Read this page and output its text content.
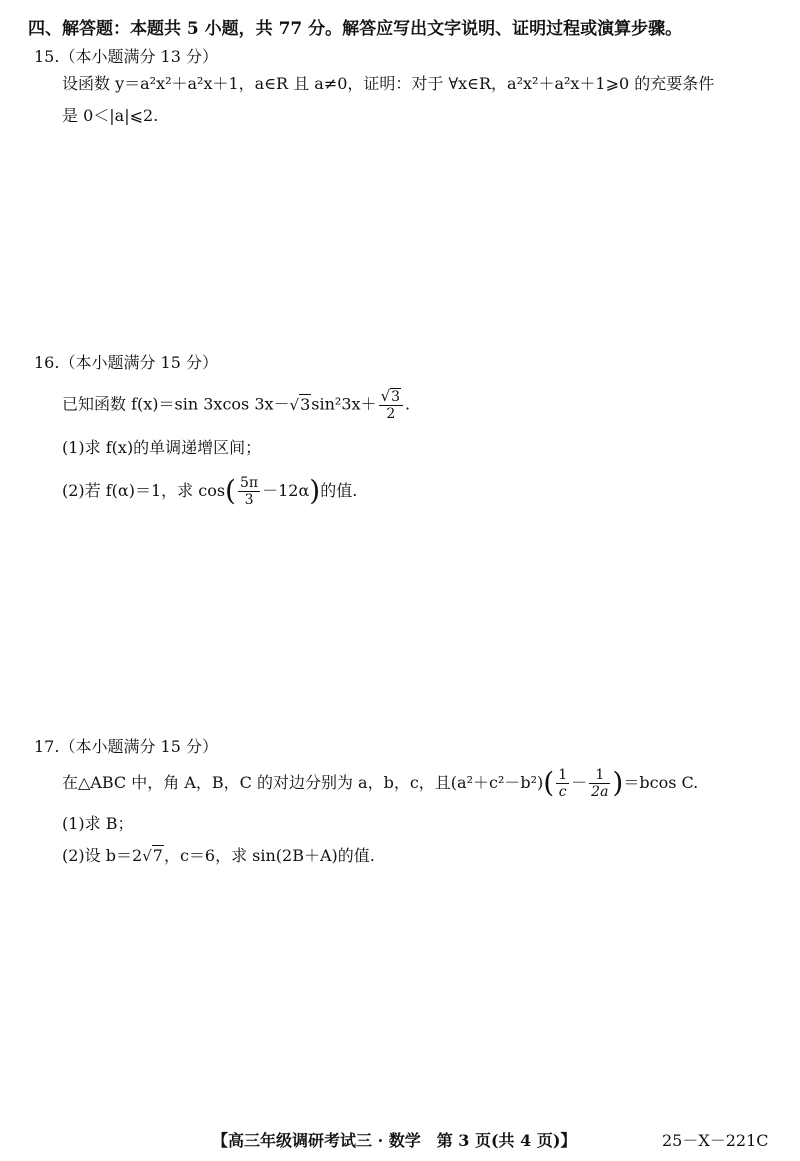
四、解答题：本题共 5 小题，共 77 分。解答应写出文字说明、证明过程或演算步骤。
15.（本小题满分 13 分）
设函数 y＝a²x²＋a²x＋1，a∈R 且 a≠0，证明：对于 ∀x∈R，a²x²＋a²x＋1⩾0 的充要条件
是 0＜|a|⩽2.
16.（本小题满分 15 分）
已知函数 f(x)＝sin 3xcos $3x-√3\sin^23x+ \frac{√3}{2}$ .
(1)求 f(x)的单调递增区间；
(2)若 f(α)＝1，求 $\cos( \frac{5\pi}{3} -12\alpha)$的值.
17.（本小题满分 15 分）
在△ABC 中，角 A，B，C 的对边分别为 a，b，c，且$(a^2+c^2-b^2)( \frac{1}{c} - \frac{1}{2a} )=bcos$ C.
(1)求 B；
(2)设 b＝2√7，c＝6，求 sin(2B＋A)的值.
【高三年级调研考试三 · 数学　第 3 页(共 4 页)】	25－X－221C
